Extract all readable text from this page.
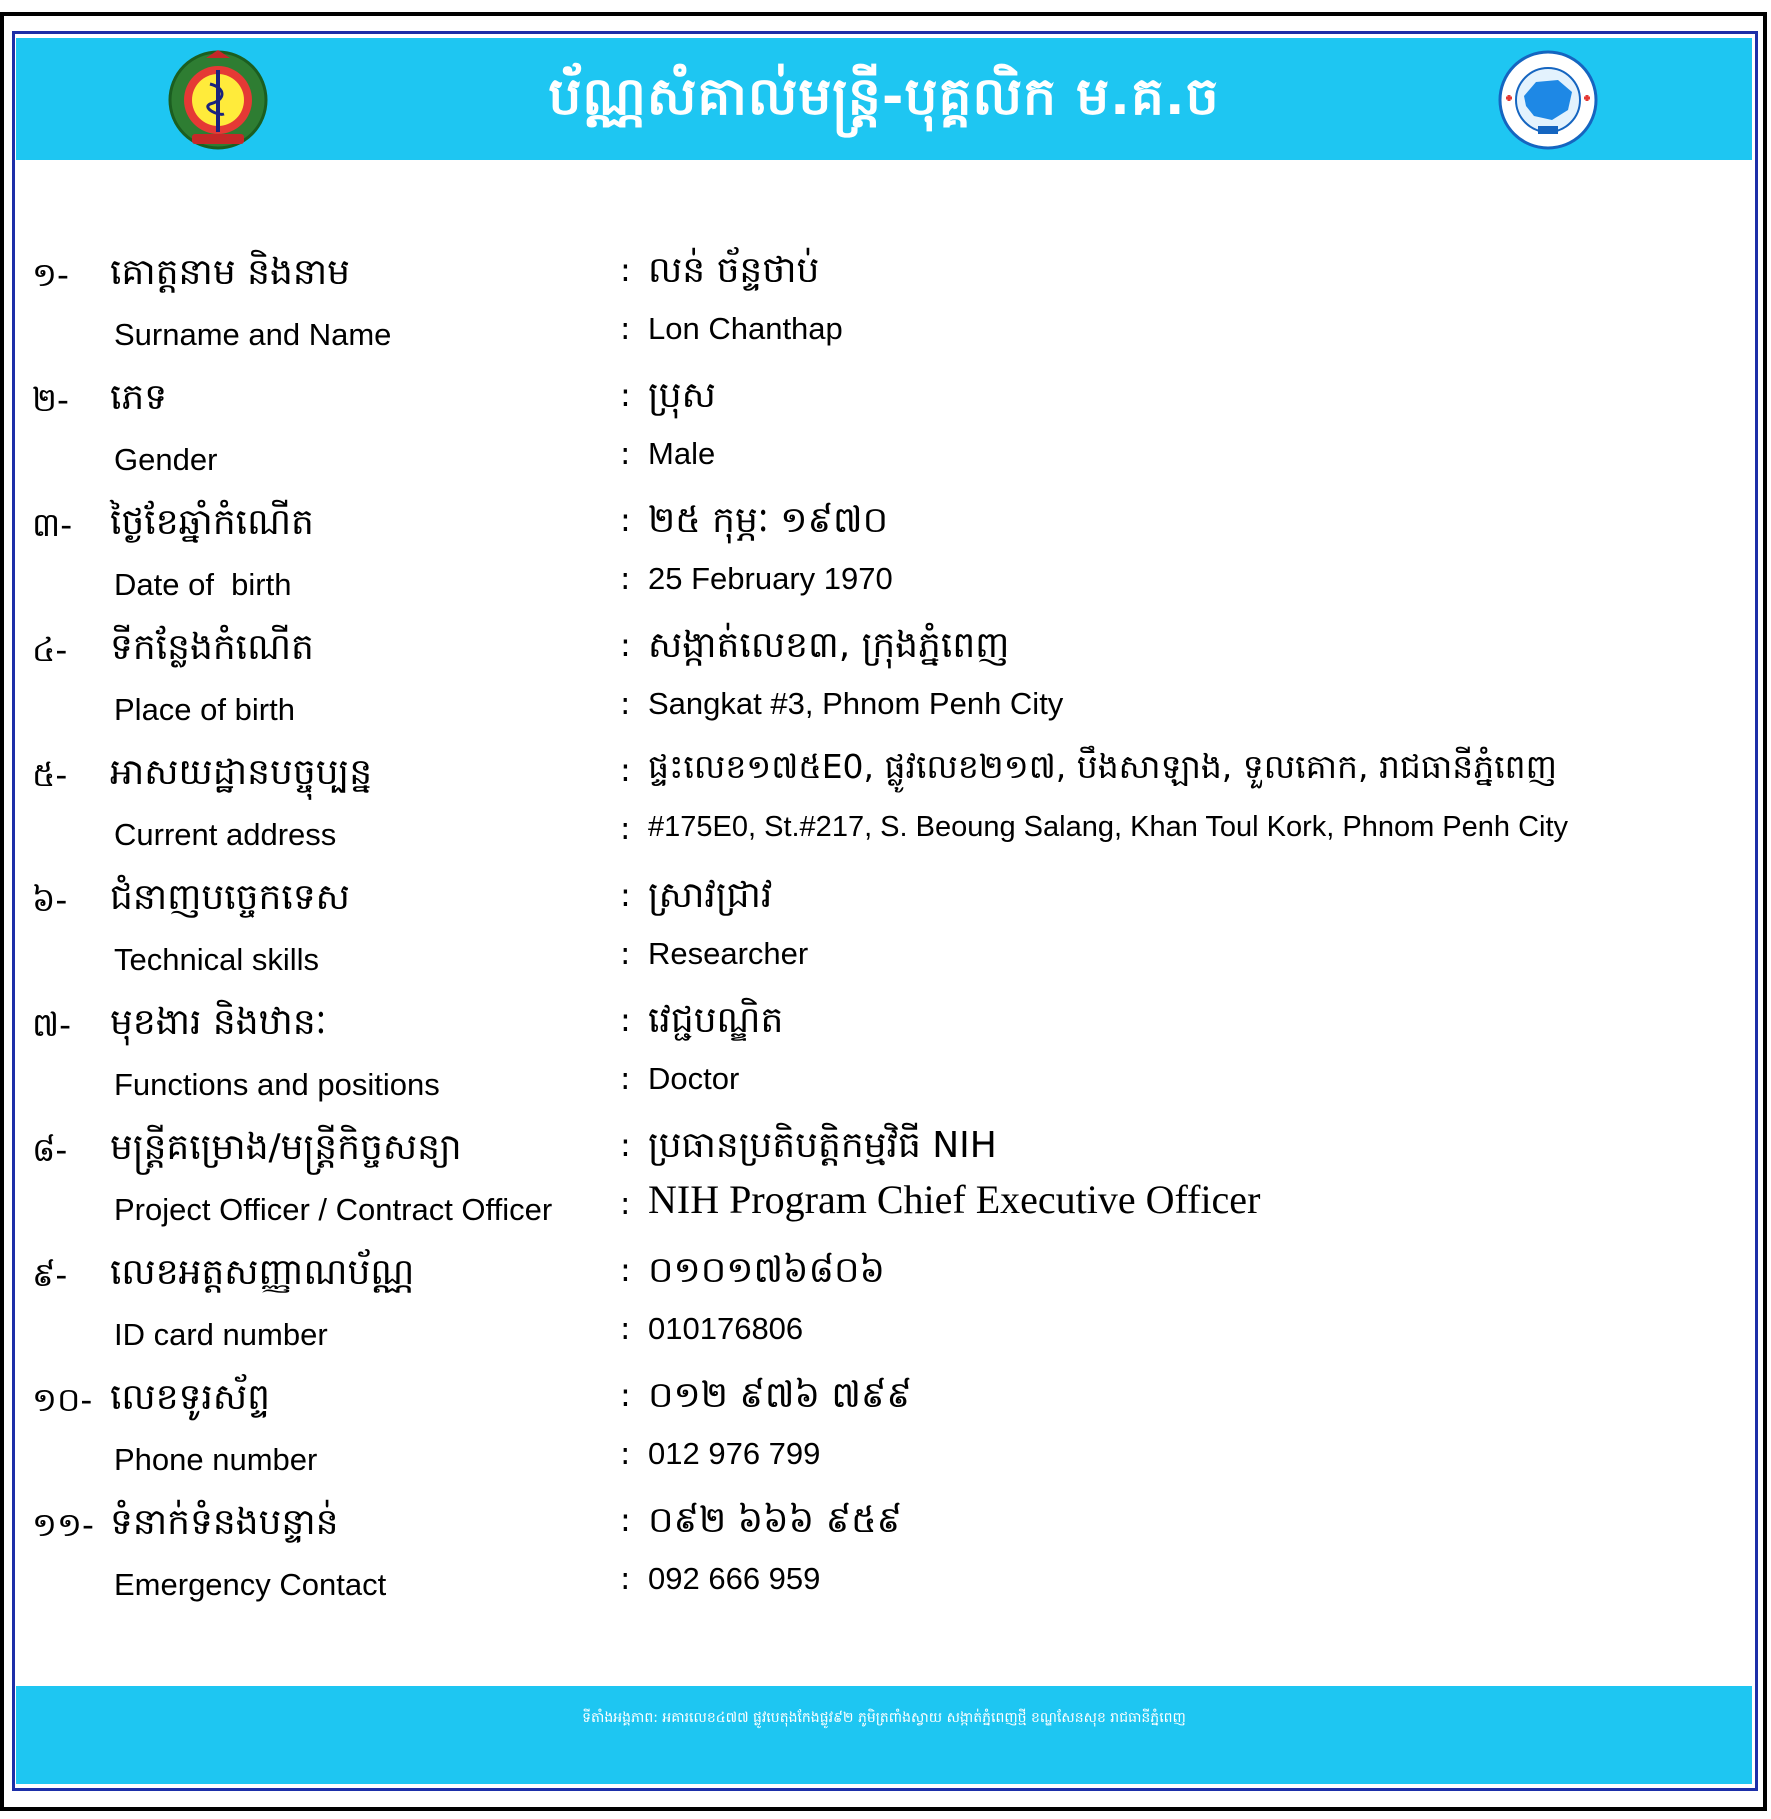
ប័ណ្ណសំគាល់មន្ត្រី-បុគ្គលិក ម.គ.ច
១- គោត្តនាម និងនាម
Surname and Name
:
:
លន់ ច័ន្ទថាប់
Lon Chanthap
២- ភេទ
Gender
:
:
ប្រុស
Male
៣- ថ្ងៃខែឆ្នាំកំណើត
Date of  birth
:
:
២៥ កុម្ភៈ ១៩៧០
25 February 1970
៤- ទីកន្លែងកំណើត
Place of birth
:
:
សង្កាត់លេខ៣, ក្រុងភ្នំពេញ
Sangkat #3, Phnom Penh City
៥- អាសយដ្ឋានបច្ចុប្បន្ន
Current address
:
:
ផ្ទះលេខ១៧៥E0, ផ្លូវលេខ២១៧, បឹងសាឡាង, ទួលគោក, រាជធានីភ្នំពេញ
#175E0, St.#217, S. Beoung Salang, Khan Toul Kork, Phnom Penh City
៦- ជំនាញបច្ចេកទេស
Technical skills
:
:
ស្រាវជ្រាវ
Researcher
៧- មុខងារ និងឋានៈ
Functions and positions
:
:
វេជ្ជបណ្ឌិត
Doctor
៨- មន្ត្រីគម្រោង/មន្ត្រីកិច្ចសន្យា
Project Officer / Contract Officer
:
:
ប្រធានប្រតិបត្តិកម្មវិធី NIH
NIH Program Chief Executive Officer
៩- លេខអត្តសញ្ញាណប័ណ្ណ
ID card number
:
:
០១០១៧៦៨០៦
010176806
១០- លេខទូរស័ព្ទ
Phone number
:
:
០១២ ៩៧៦ ៧៩៩
012 976 799
១១- ទំនាក់ទំនងបន្ទាន់
Emergency Contact
:
:
០៩២ ៦៦៦ ៩៥៩
092 666 959
ទីតាំងអង្គភាព: អគារលេខ៤៧៧ ផ្លូវបេតុងកែងផ្លូវ៩២ ភូមិត្រពាំងស្វាយ សង្កាត់ភ្នំពេញថ្មី ខណ្ឌសែនសុខ រាជធានីភ្នំពេញ
